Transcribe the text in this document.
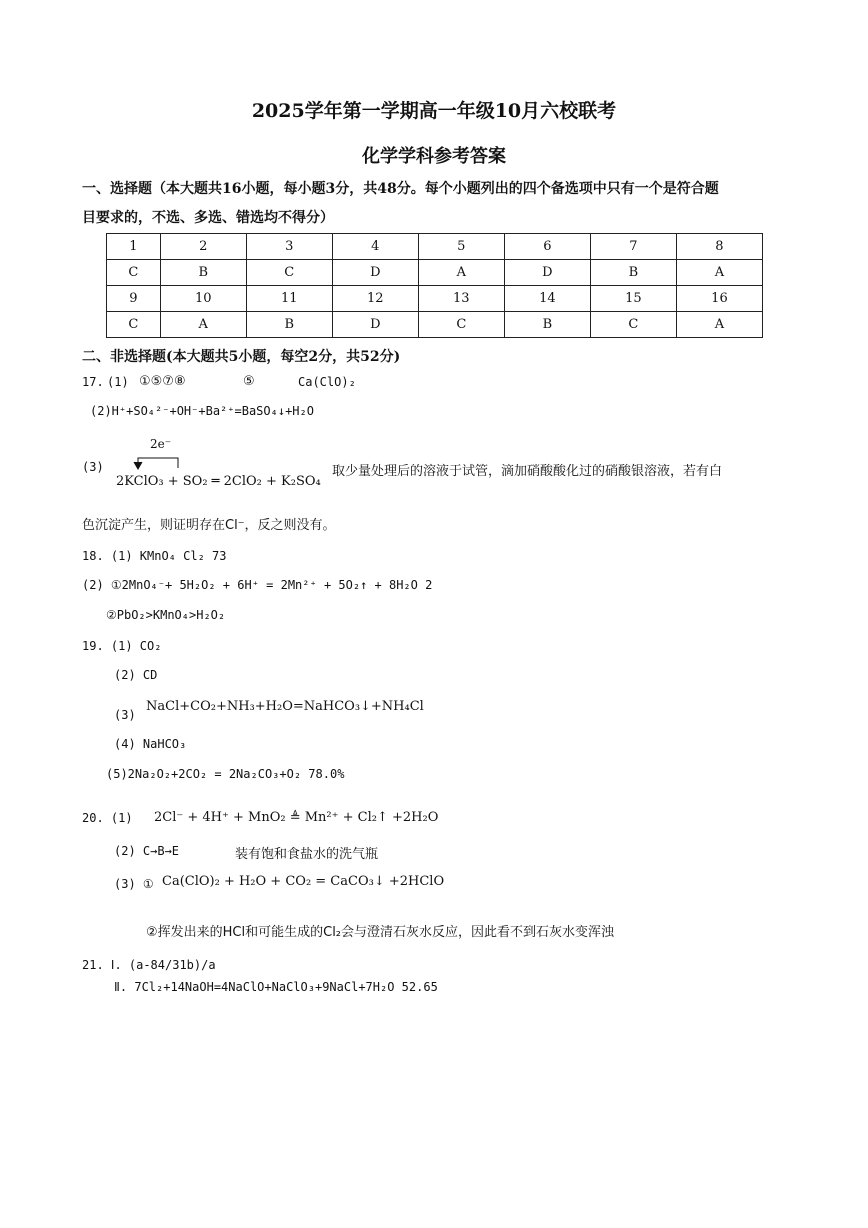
2025学年第一学期高一年级10月六校联考
化学学科参考答案
一、选择题（本大题共16小题，每小题3分，共48分。每个小题列出的四个备选项中只有一个是符合题
目要求的，不选、多选、错选均不得分）
1	2	3	4	5	6	7	8
C	B	C	D	A	D	B	A
9	10	11	12	13	14	15	16
C	A	B	D	C	B	C	A
二、非选择题(本大题共5小题，每空2分，共52分)
17. (1) ①⑤⑦⑧	⑤	Ca(ClO)₂
(2)H⁺+SO₄²⁻+OH⁻+Ba²⁺=BaSO₄↓+H₂O
(3)
2e⁻
2KClO₃ + SO₂ ═ 2ClO₂ + K₂SO₄
取少量处理后的溶液于试管，滴加硝酸酸化过的硝酸银溶液，若有白
色沉淀产生，则证明存在Cl⁻，反之则没有。
18. (1) KMnO₄ Cl₂ 73
(2) ①2MnO₄⁻+ 5H₂O₂ + 6H⁺ = 2Mn²⁺ + 5O₂↑ + 8H₂O 2
②PbO₂>KMnO₄>H₂O₂
19. (1) CO₂
(2) CD
(3)
NaCl+CO₂+NH₃+H₂O=NaHCO₃↓+NH₄Cl
(4) NaHCO₃
(5)2Na₂O₂+2CO₂ = 2Na₂CO₃+O₂ 78.0%
20. (1) 2Cl⁻ + 4H⁺ + MnO₂ ≜ Mn²⁺ + Cl₂↑ +2H₂O
(2) C→B→E	装有饱和食盐水的洗气瓶
(3) ① Ca(ClO)₂ + H₂O + CO₂ = CaCO₃↓ +2HClO
②挥发出来的HCl和可能生成的Cl₂会与澄清石灰水反应，因此看不到石灰水变浑浊
21. Ⅰ. (a-84/31b)/a
Ⅱ. 7Cl₂+14NaOH=4NaClO+NaClO₃+9NaCl+7H₂O 52.65
